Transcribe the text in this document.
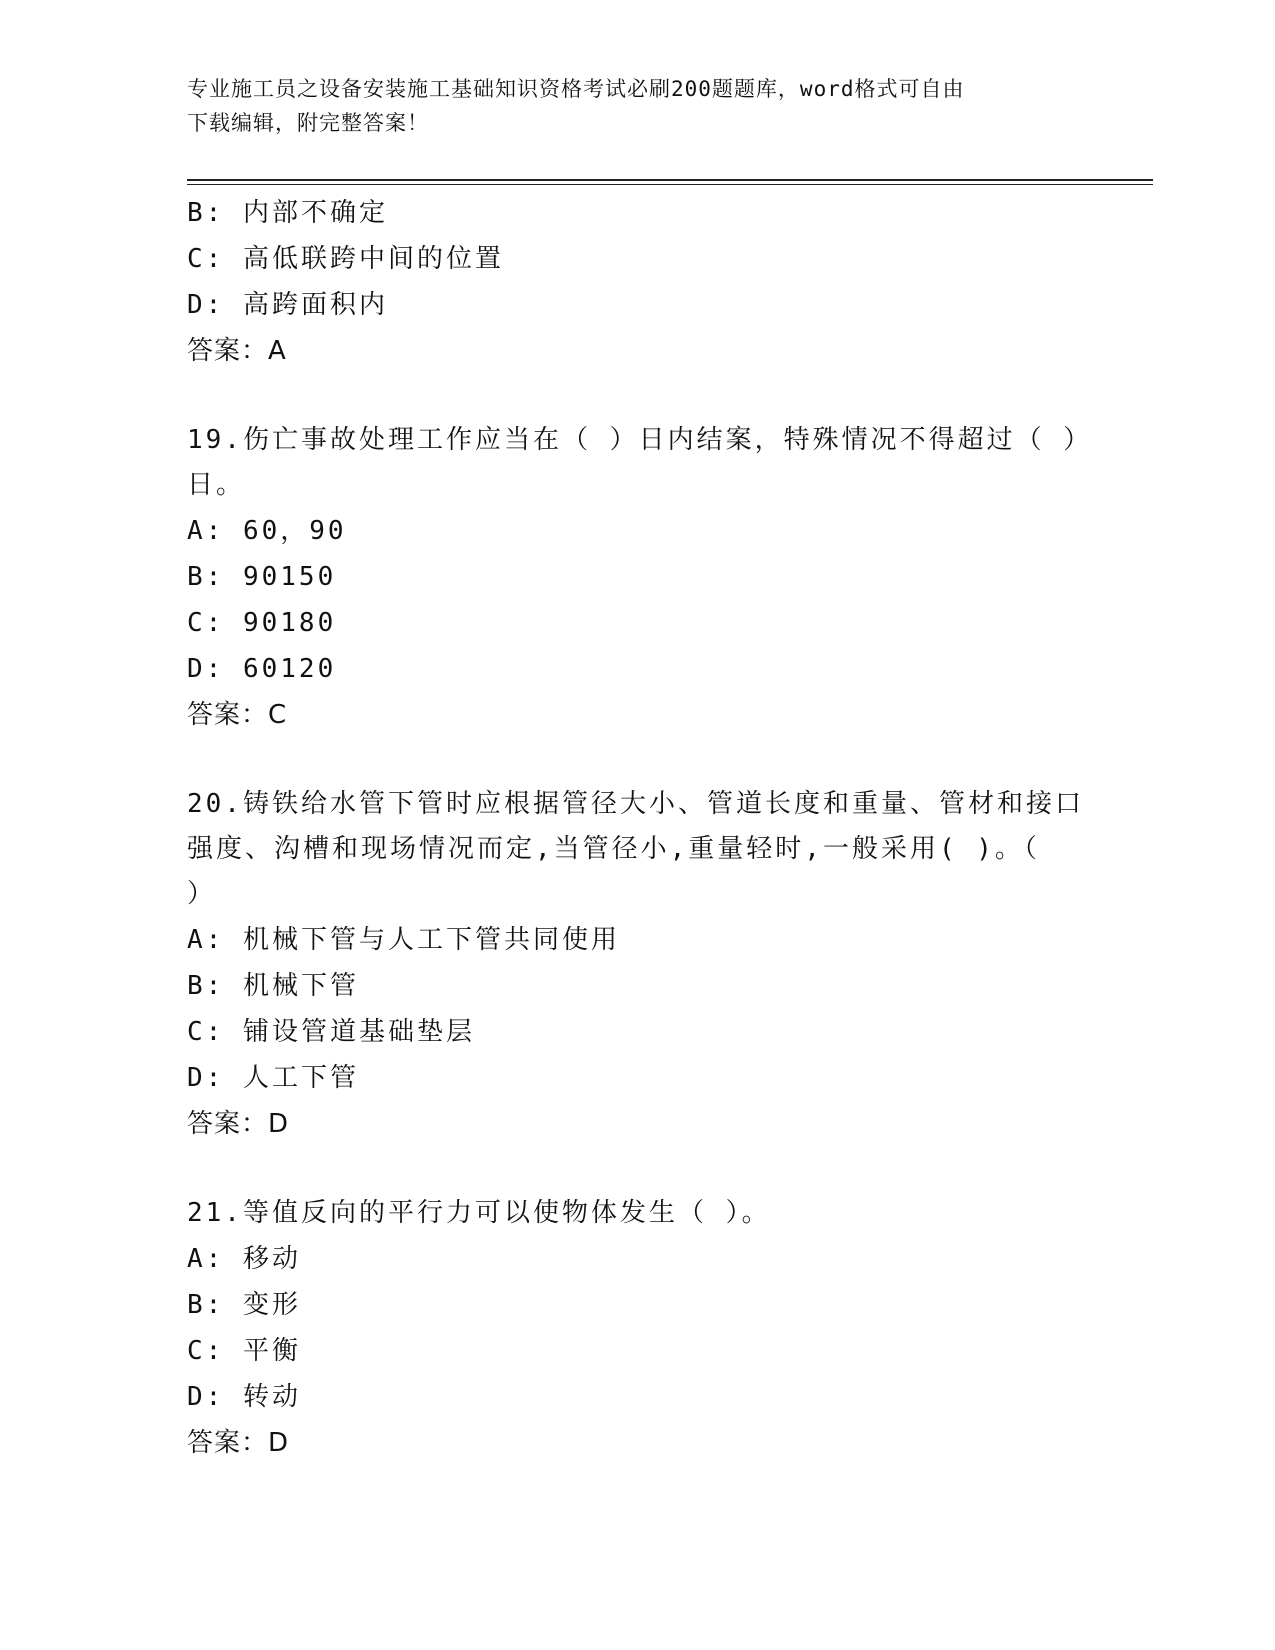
专业施工员之设备安装施工基础知识资格考试必刷200题题库，word格式可自由
下载编辑，附完整答案！
B: 内部不确定
C: 高低联跨中间的位置
D: 高跨面积内
答案：A
19.伤亡事故处理工作应当在（ ）日内结案，特殊情况不得超过（ ）
日。
A: 60，90
B: 90150
C: 90180
D: 60120
答案：C
20.铸铁给水管下管时应根据管径大小、管道长度和重量、管材和接口
强度、沟槽和现场情况而定,当管径小,重量轻时,一般采用( )。（
）
A: 机械下管与人工下管共同使用
B: 机械下管
C: 铺设管道基础垫层
D: 人工下管
答案：D
21.等值反向的平行力可以使物体发生（ ）。
A: 移动
B: 变形
C: 平衡
D: 转动
答案：D
